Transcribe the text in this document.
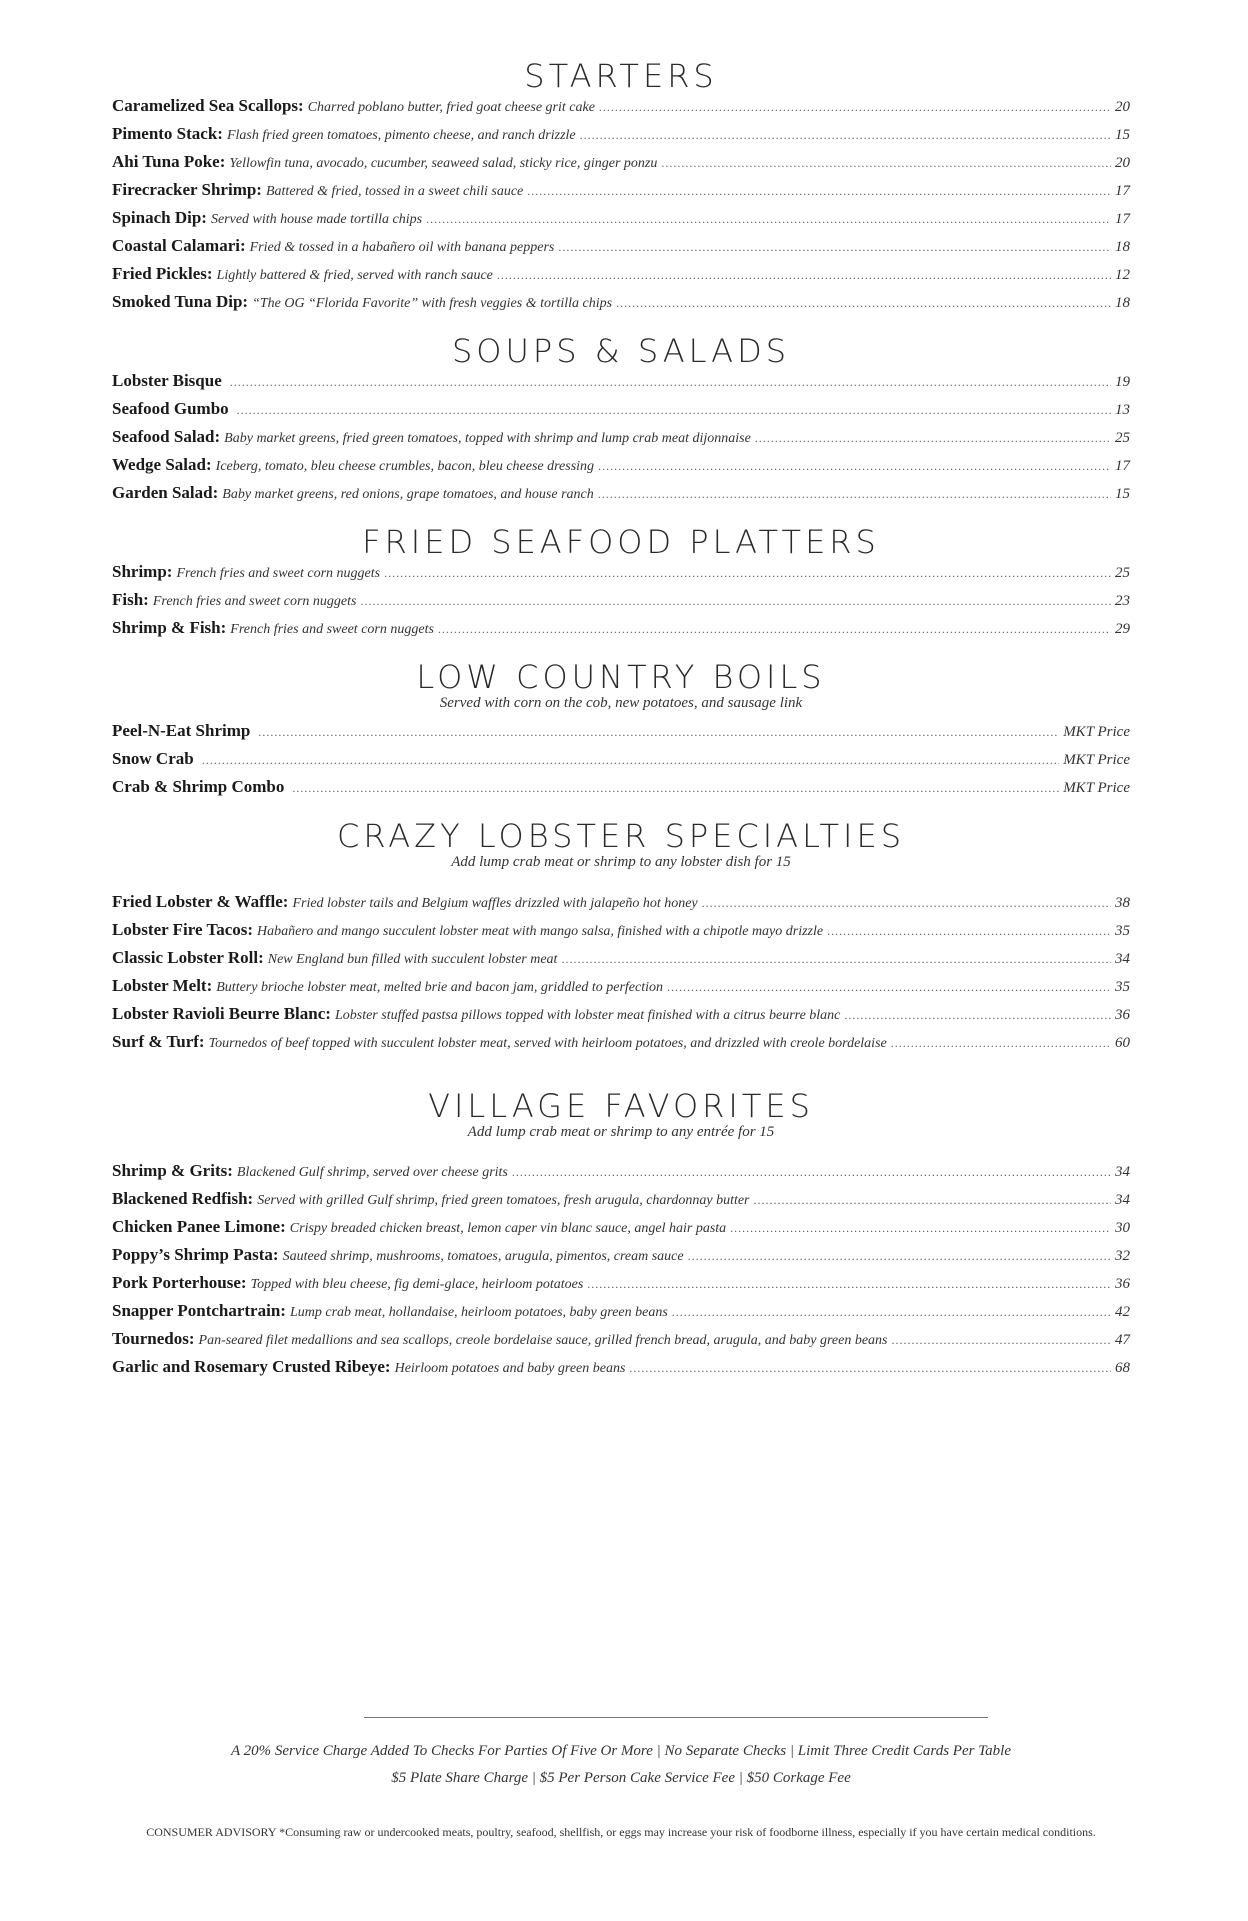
STARTERS
Caramelized Sea Scallops: Charred poblano butter, fried goat cheese grit cake .....	20
Pimento Stack: Flash fried green tomatoes, pimento cheese, and ranch drizzle .....	15
Ahi Tuna Poke: Yellowfin tuna, avocado, cucumber, seaweed salad, sticky rice, ginger ponzu .....	20
Firecracker Shrimp: Battered & fried, tossed in a sweet chili sauce .....	17
Spinach Dip: Served with house made tortilla chips .....	17
Coastal Calamari: Fried & tossed in a habañero oil with banana peppers .....	18
Fried Pickles: Lightly battered & fried, served with ranch sauce .....	12
Smoked Tuna Dip: “The OG “Florida Favorite” with fresh veggies & tortilla chips .....	18
SOUPS & SALADS
Lobster Bisque .....	19
Seafood Gumbo .....	13
Seafood Salad: Baby market greens, fried green tomatoes, topped with shrimp and lump crab meat dijonnaise .....	25
Wedge Salad: Iceberg, tomato, bleu cheese crumbles, bacon, bleu cheese dressing .....	17
Garden Salad: Baby market greens, red onions, grape tomatoes, and house ranch .....	15
FRIED SEAFOOD PLATTERS
Shrimp: French fries and sweet corn nuggets .....	25
Fish: French fries and sweet corn nuggets .....	23
Shrimp & Fish: French fries and sweet corn nuggets .....	29
LOW COUNTRY BOILS
Served with corn on the cob, new potatoes, and sausage link
Peel-N-Eat Shrimp .....	MKT Price
Snow Crab .....	MKT Price
Crab & Shrimp Combo .....	MKT Price
CRAZY LOBSTER SPECIALTIES
Add lump crab meat or shrimp to any lobster dish for 15
Fried Lobster & Waffle: Fried lobster tails and Belgium waffles drizzled with jalapeño hot honey .....	38
Lobster Fire Tacos: Habañero and mango succulent lobster meat with mango salsa, finished with a chipotle mayo drizzle .....	35
Classic Lobster Roll: New England bun filled with succulent lobster meat .....	34
Lobster Melt: Buttery brioche lobster meat, melted brie and bacon jam, griddled to perfection .....	35
Lobster Ravioli Beurre Blanc: Lobster stuffed pastsa pillows topped with lobster meat finished with a citrus beurre blanc .....	36
Surf & Turf: Tournedos of beef topped with succulent lobster meat, served with heirloom potatoes, and drizzled with creole bordelaise .....	60
VILLAGE FAVORITES
Add lump crab meat or shrimp to any entrée for 15
Shrimp & Grits: Blackened Gulf shrimp, served over cheese grits .....	34
Blackened Redfish: Served with grilled Gulf shrimp, fried green tomatoes, fresh arugula, chardonnay butter .....	34
Chicken Panee Limone: Crispy breaded chicken breast, lemon caper vin blanc sauce, angel hair pasta .....	30
Poppy’s Shrimp Pasta: Sauteed shrimp, mushrooms, tomatoes, arugula, pimentos, cream sauce .....	32
Pork Porterhouse: Topped with bleu cheese, fig demi-glace, heirloom potatoes .....	36
Snapper Pontchartrain: Lump crab meat, hollandaise, heirloom potatoes, baby green beans .....	42
Tournedos: Pan-seared filet medallions and sea scallops, creole bordelaise sauce, grilled french bread, arugula, and baby green beans .....	47
Garlic and Rosemary Crusted Ribeye: Heirloom potatoes and baby green beans .....	68
A 20% Service Charge Added To Checks For Parties Of Five Or More | No Separate Checks | Limit Three Credit Cards Per Table
$5 Plate Share Charge | $5 Per Person Cake Service Fee | $50 Corkage Fee
CONSUMER ADVISORY *Consuming raw or undercooked meats, poultry, seafood, shellfish, or eggs may increase your risk of foodborne illness, especially if you have certain medical conditions.
